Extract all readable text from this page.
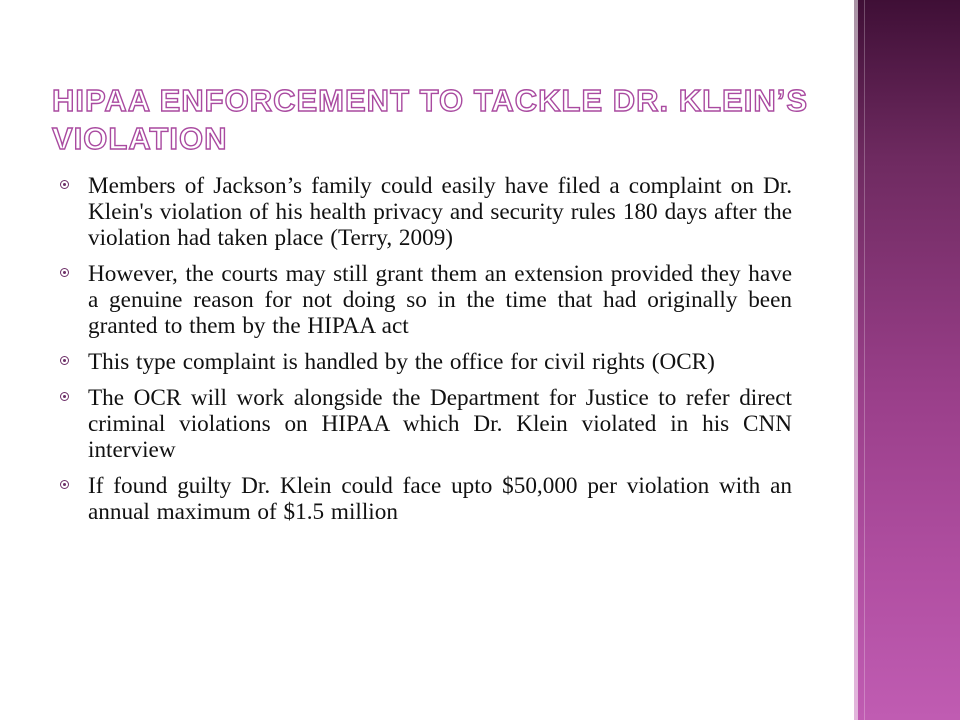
HIPAA ENFORCEMENT TO TACKLE DR. KLEIN’S VIOLATION
Members of Jackson’s family could easily have filed a complaint on Dr. Klein's violation of his health privacy and security rules 180 days after the violation had taken place (Terry, 2009)
However, the courts may still grant them an extension provided they have a genuine reason for not doing so in the time that had originally been granted to them by the HIPAA act
This type complaint is handled by the office for civil rights (OCR)
The OCR will work alongside the Department for Justice to refer direct criminal violations on HIPAA which Dr. Klein violated in his CNN interview
If found guilty Dr. Klein could face upto $50,000 per violation with an annual maximum of $1.5 million
